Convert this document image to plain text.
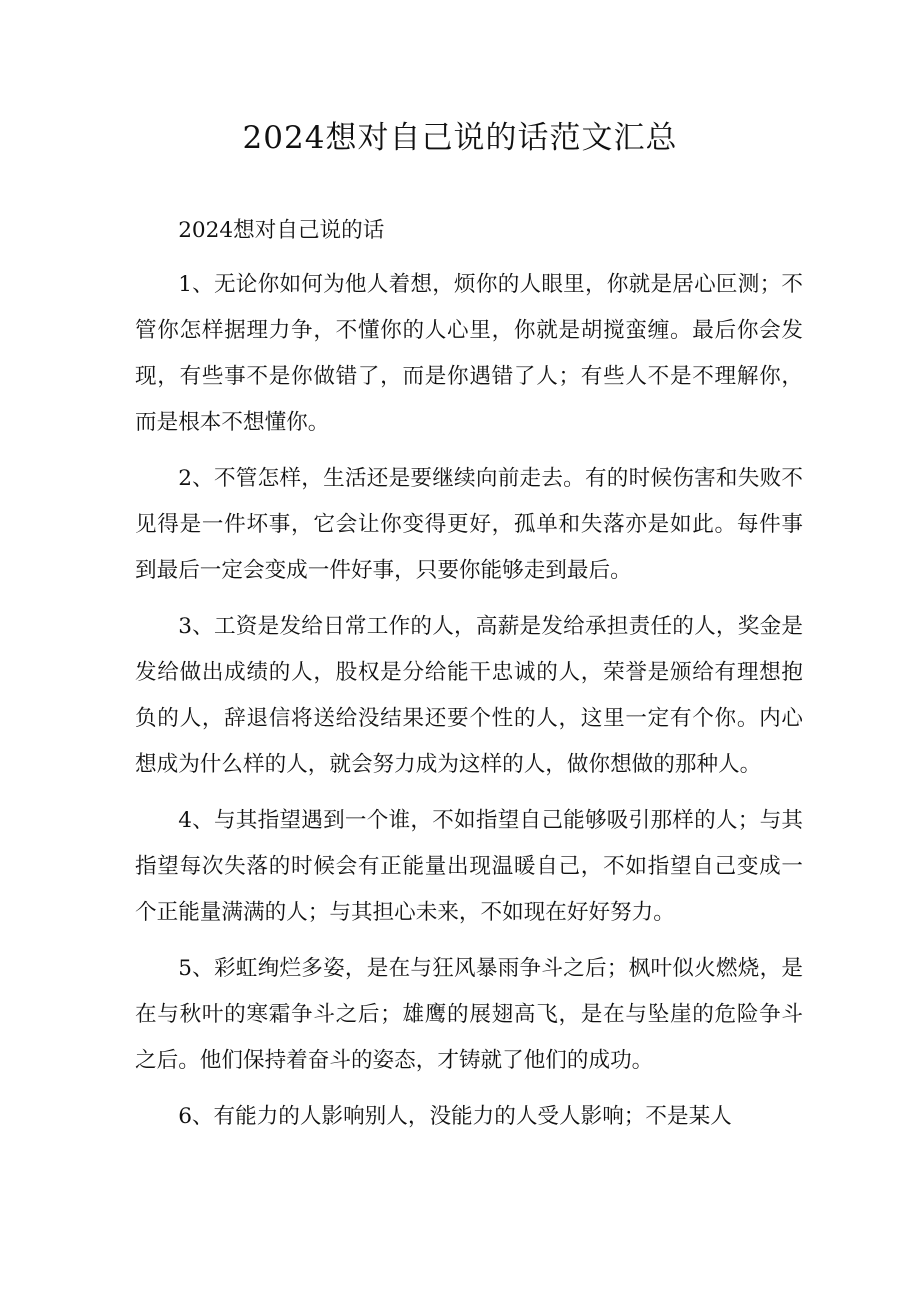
2024想对自己说的话范文汇总

2024想对自己说的话

1、无论你如何为他人着想，烦你的人眼里，你就是居心叵测；不管你怎样据理力争，不懂你的人心里，你就是胡搅蛮缠。最后你会发现，有些事不是你做错了，而是你遇错了人；有些人不是不理解你，而是根本不想懂你。

2、不管怎样，生活还是要继续向前走去。有的时候伤害和失败不见得是一件坏事，它会让你变得更好，孤单和失落亦是如此。每件事到最后一定会变成一件好事，只要你能够走到最后。

3、工资是发给日常工作的人，高薪是发给承担责任的人，奖金是发给做出成绩的人，股权是分给能干忠诚的人，荣誉是颁给有理想抱负的人，辞退信将送给没结果还要个性的人，这里一定有个你。内心想成为什么样的人，就会努力成为这样的人，做你想做的那种人。

4、与其指望遇到一个谁，不如指望自己能够吸引那样的人；与其指望每次失落的时候会有正能量出现温暖自己，不如指望自己变成一个正能量满满的人；与其担心未来，不如现在好好努力。

5、彩虹绚烂多姿，是在与狂风暴雨争斗之后；枫叶似火燃烧，是在与秋叶的寒霜争斗之后；雄鹰的展翅高飞，是在与坠崖的危险争斗之后。他们保持着奋斗的姿态，才铸就了他们的成功。

6、有能力的人影响别人，没能力的人受人影响；不是某人
